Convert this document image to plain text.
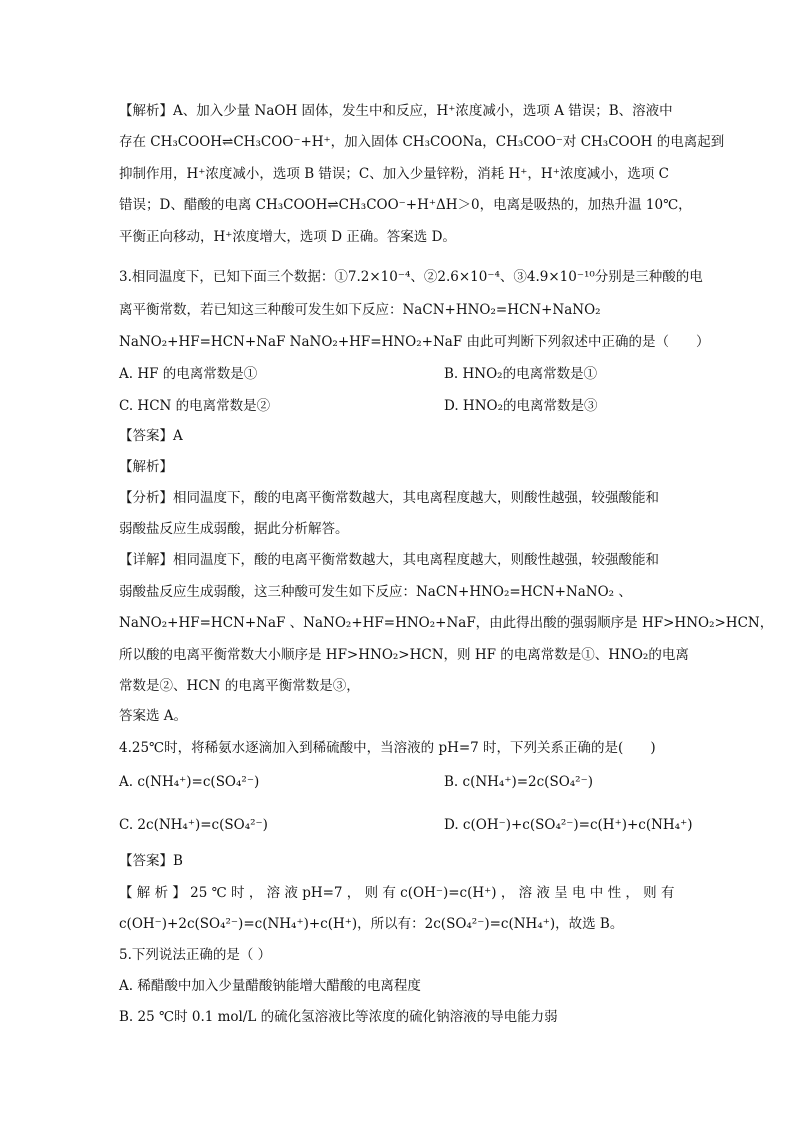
【解析】A、加入少量 NaOH 固体，发生中和反应，H⁺浓度减小，选项 A 错误；B、溶液中
存在 CH₃COOH⇌CH₃COO⁻+H⁺，加入固体 CH₃COONa，CH₃COO⁻对 CH₃COOH 的电离起到
抑制作用，H⁺浓度减小，选项 B 错误；C、加入少量锌粉，消耗 H⁺，H⁺浓度减小，选项 C
错误；D、醋酸的电离 CH₃COOH⇌CH₃COO⁻+H⁺ΔH＞0，电离是吸热的，加热升温 10℃，
平衡正向移动，H⁺浓度增大，选项 D 正确。答案选 D。
3.相同温度下，已知下面三个数据：①7.2×10⁻⁴、②2.6×10⁻⁴、③4.9×10⁻¹⁰分别是三种酸的电
离平衡常数，若已知这三种酸可发生如下反应：NaCN+HNO₂=HCN+NaNO₂
NaNO₂+HF=HCN+NaF NaNO₂+HF=HNO₂+NaF 由此可判断下列叙述中正确的是（　　）
A. HF 的电离常数是①	B. HNO₂的电离常数是①
C. HCN 的电离常数是②	D. HNO₂的电离常数是③
【答案】A
【解析】
【分析】相同温度下，酸的电离平衡常数越大，其电离程度越大，则酸性越强，较强酸能和
弱酸盐反应生成弱酸，据此分析解答。
【详解】相同温度下，酸的电离平衡常数越大，其电离程度越大，则酸性越强，较强酸能和
弱酸盐反应生成弱酸，这三种酸可发生如下反应：NaCN+HNO₂=HCN+NaNO₂ 、
NaNO₂+HF=HCN+NaF 、NaNO₂+HF=HNO₂+NaF，由此得出酸的强弱顺序是 HF>HNO₂>HCN，
所以酸的电离平衡常数大小顺序是 HF>HNO₂>HCN，则 HF 的电离常数是①、HNO₂的电离
常数是②、HCN 的电离平衡常数是③，
答案选 A。
4.25℃时，将稀氨水逐滴加入到稀硫酸中，当溶液的 pH=7 时，下列关系正确的是(　　)
A. c(NH₄⁺)=c(SO₄²⁻)	B. c(NH₄⁺)=2c(SO₄²⁻)
C. 2c(NH₄⁺)=c(SO₄²⁻)	D. c(OH⁻)+c(SO₄²⁻)=c(H⁺)+c(NH₄⁺)
【答案】B
【 解 析 】 25 ℃ 时 ， 溶 液 pH=7 ， 则 有 c(OH⁻)=c(H⁺) ， 溶 液 呈 电 中 性 ， 则 有
c(OH⁻)+2c(SO₄²⁻)=c(NH₄⁺)+c(H⁺)，所以有：2c(SO₄²⁻)=c(NH₄⁺)，故选 B。
5.下列说法正确的是（ ）
A. 稀醋酸中加入少量醋酸钠能增大醋酸的电离程度
B. 25 ℃时 0.1 mol/L 的硫化氢溶液比等浓度的硫化钠溶液的导电能力弱
